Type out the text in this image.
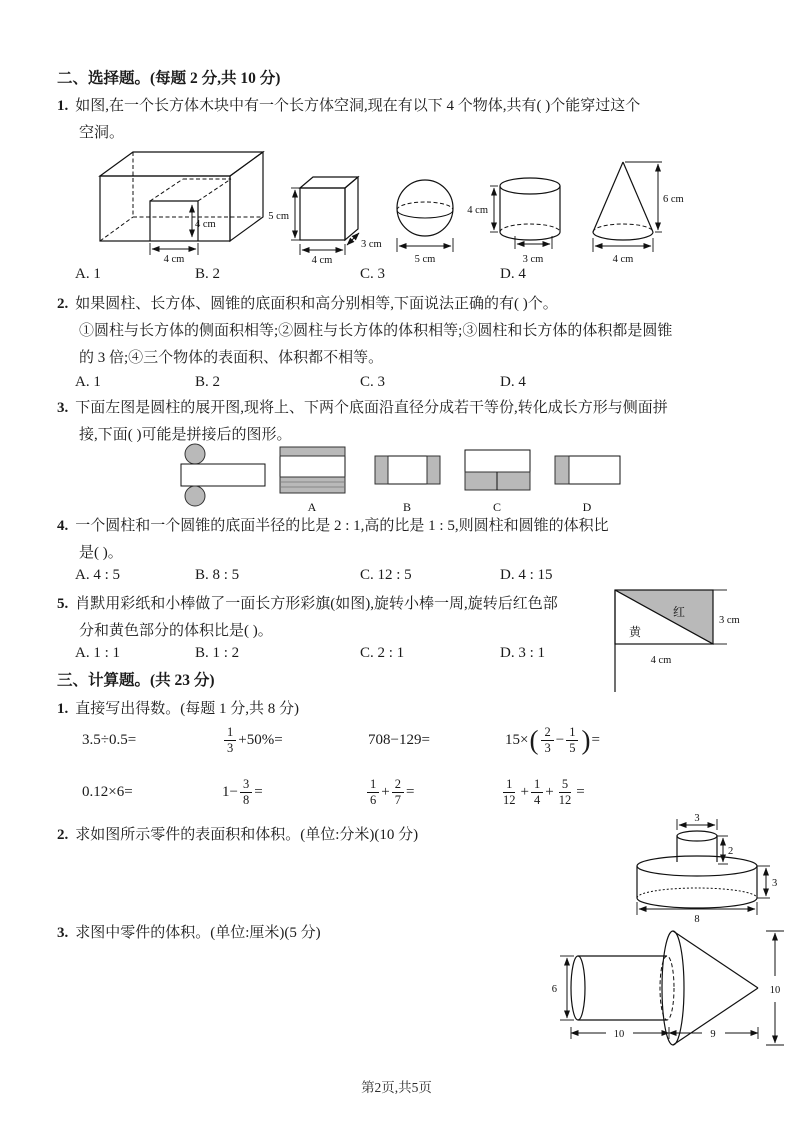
二、选择题。(每题 2 分,共 10 分)
1. 如图,在一个长方体木块中有一个长方体空洞,现在有以下 4 个物体,共有( )个能穿过这个
空洞。
4 cm
4 cm
5 cm
4 cm
3 cm
5 cm
4 cm
3 cm
6 cm
4 cm
A. 1	B. 2	C. 3	D. 4
2. 如果圆柱、长方体、圆锥的底面积和高分别相等,下面说法正确的有( )个。
①圆柱与长方体的侧面积相等;②圆柱与长方体的体积相等;③圆柱和长方体的体积都是圆锥
的 3 倍;④三个物体的表面积、体积都不相等。
A. 1	B. 2	C. 3	D. 4
3. 下面左图是圆柱的展开图,现将上、下两个底面沿直径分成若干等份,转化成长方形与侧面拼
接,下面( )可能是拼接后的图形。
A	B	C	D
4. 一个圆柱和一个圆锥的底面半径的比是 2 : 1,高的比是 1 : 5,则圆柱和圆锥的体积比
是( )。
A. 4 : 5	B. 8 : 5	C. 12 : 5	D. 4 : 15
5. 肖默用彩纸和小棒做了一面长方形彩旗(如图),旋转小棒一周,旋转后红色部
分和黄色部分的体积比是( )。
A. 1 : 1	B. 1 : 2	C. 2 : 1	D. 3 : 1
红
黄
3 cm
4 cm
三、计算题。(共 23 分)
1. 直接写出得数。(每题 1 分,共 8 分)
3.5÷0.5=	$\frac{1}{3} +50\%=$	708−129=	15× ( $\frac{2}{3} - \frac{1}{5}$ ) =
0.12×6=	$1- \frac{3}{8}$ =	$\frac{1}{6} + \frac{2}{7}$ =	$\frac{1}{12} + \frac{1}{4} + \frac{5}{12}$ =
2. 求如图所示零件的表面积和体积。(单位:分米)(10 分)
3
2
3
8
3. 求图中零件的体积。(单位:厘米)(5 分)
6
10	9
10
第2页,共5页
